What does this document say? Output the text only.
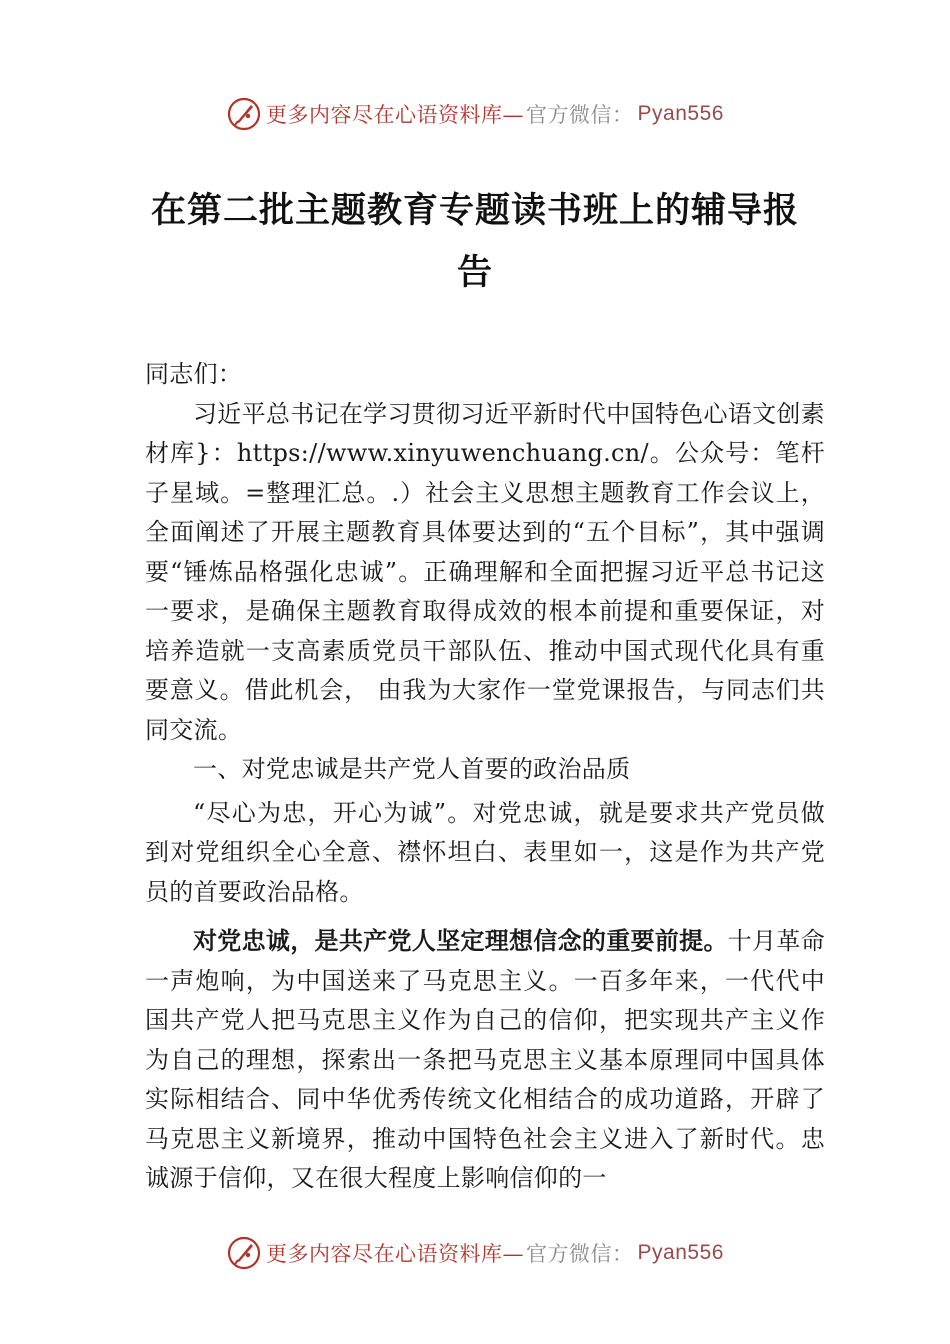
更多内容尽在心语资料库— 官方微信： Pyan556
在第二批主题教育专题读书班上的辅导报告

同志们：

习近平总书记在学习贯彻习近平新时代中国特色心语文创素材库}：https://www.xinyuwenchuang.cn/。公众号：笔杆子星域。=整理汇总。.）社会主义思想主题教育工作会议上，全面阐述了开展主题教育具体要达到的“五个目标”，其中强调要“锤炼品格强化忠诚”。正确理解和全面把握习近平总书记这一要求，是确保主题教育取得成效的根本前提和重要保证，对培养造就一支高素质党员干部队伍、推动中国式现代化具有重要意义。借此机会， 由我为大家作一堂党课报告，与同志们共同交流。

一、对党忠诚是共产党人首要的政治品质

“尽心为忠，开心为诚”。对党忠诚，就是要求共产党员做到对党组织全心全意、襟怀坦白、表里如一，这是作为共产党员的首要政治品格。

对党忠诚，是共产党人坚定理想信念的重要前提。十月革命一声炮响，为中国送来了马克思主义。一百多年来，一代代中国共产党人把马克思主义作为自己的信仰，把实现共产主义作为自己的理想，探索出一条把马克思主义基本原理同中国具体实际相结合、同中华优秀传统文化相结合的成功道路，开辟了马克思主义新境界，推动中国特色社会主义进入了新时代。忠诚源于信仰，又在很大程度上影响信仰的一

更多内容尽在心语资料库— 官方微信： Pyan556
